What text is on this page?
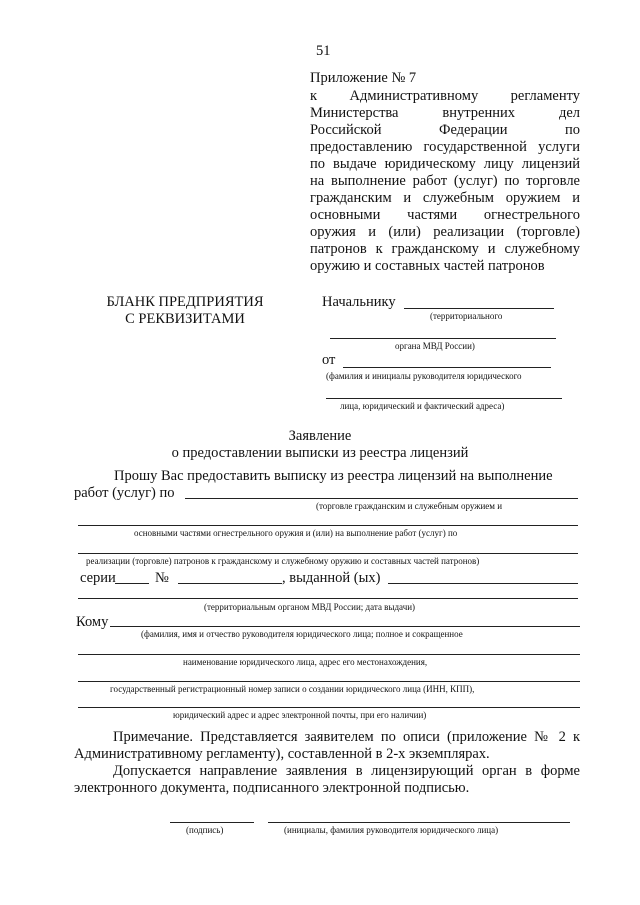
51
Приложение № 7
к Административному регламенту
Министерства внутренних дел
Российской Федерации по
предоставлению государственной услуги
по выдаче юридическому лицу лицензий
на выполнение работ (услуг) по торговле
гражданским и служебным оружием и
основными частями огнестрельного
оружия и (или) реализации (торговле)
патронов к гражданскому и служебному
оружию и составных частей патронов
БЛАНК ПРЕДПРИЯТИЯ
С РЕКВИЗИТАМИ
Начальнику
(территориального
органа МВД России)
от
(фамилия и инициалы руководителя юридического
лица, юридический и фактический адреса)
Заявление
о предоставлении выписки из реестра лицензий
Прошу Вас предоставить выписку из реестра лицензий на выполнение
работ (услуг) по
(торговле гражданским и служебным оружием и
основными частями огнестрельного оружия и (или) на выполнение работ (услуг) по
реализации (торговле) патронов к гражданскому и служебному оружию и составных частей патронов)
серии	№	, выданной (ых)
(территориальным органом МВД России; дата выдачи)
Кому
(фамилия, имя и отчество руководителя юридического лица; полное и сокращенное
наименование юридического лица, адрес его местонахождения,
государственный регистрационный номер записи о создании юридического лица (ИНН, КПП),
юридический адрес и адрес электронной почты, при его наличии)
Примечание. Представляется заявителем по описи (приложение № 2 к
Административному регламенту), составленной в 2-х экземплярах.
Допускается направление заявления в лицензирующий орган в форме
электронного документа, подписанного электронной подписью.
(подпись)	(инициалы, фамилия руководителя юридического лица)
